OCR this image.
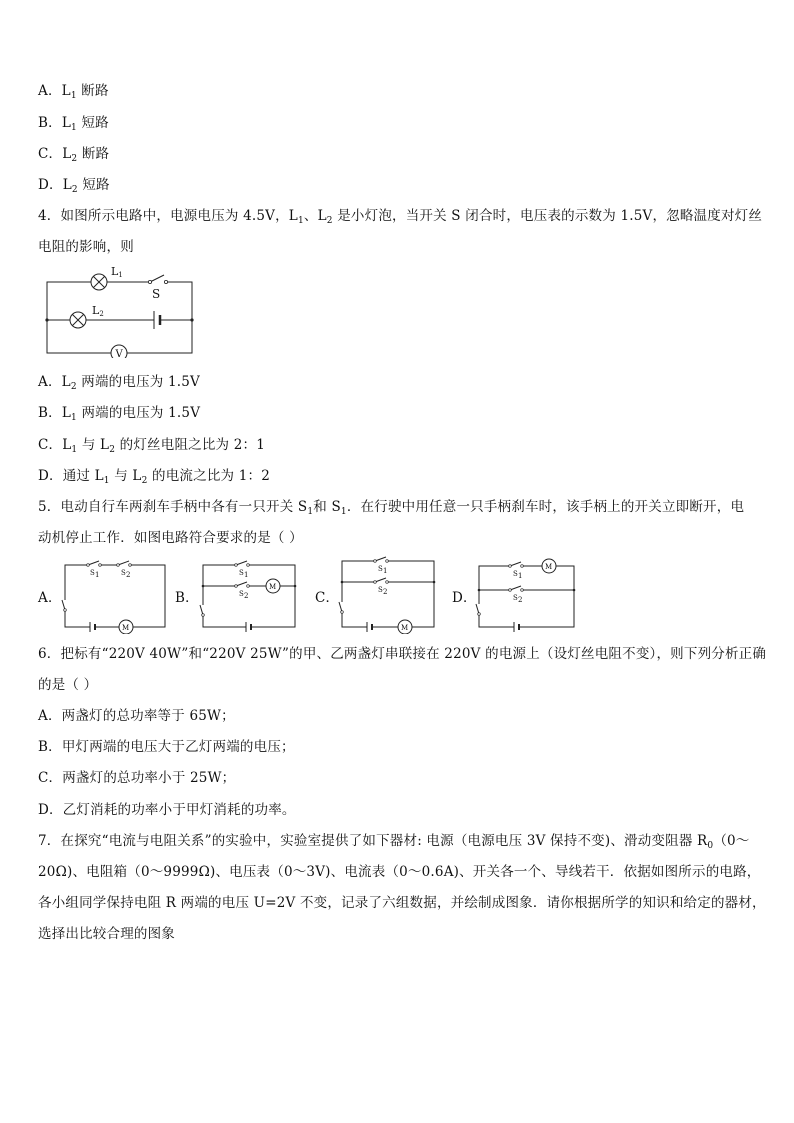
A．$L_1$ 断路
B．$L_1$ 短路
C．$L_2$ 断路
D．$L_2$ 短路
4．如图所示电路中，电源电压为 4.5V，$L_1$、$L_2$ 是小灯泡，当开关 S 闭合时，电压表的示数为 1.5V，忽略温度对灯丝
电阻的影响，则
S
L1
L2
V
A．$L_2$ 两端的电压为 1.5V
B．$L_1$ 两端的电压为 1.5V
C．$L_1$ 与 $L_2$ 的灯丝电阻之比为 2：1
D．通过 $L_1$ 与 $L_2$ 的电流之比为 1：2
5．电动自行车两刹车手柄中各有一只开关 $S_1$和 $S_1$．在行驶中用任意一只手柄刹车时，该手柄上的开关立即断开，电
动机停止工作．如图电路符合要求的是（ ）
A．
S 1	S 2
M
B．
S 1
S 2
M
C．
S 1
S 2
M
D．
S 1
M
S 2
6．把标有“220V 40W”和“220V 25W”的甲、乙两盏灯串联接在 220V 的电源上（设灯丝电阻不变），则下列分析正确
的是（ ）
A．两盏灯的总功率等于 65W；
B．甲灯两端的电压大于乙灯两端的电压；
C．两盏灯的总功率小于 25W；
D．乙灯消耗的功率小于甲灯消耗的功率。
7．在探究“电流与电阻关系”的实验中，实验室提供了如下器材: 电源（电源电压 3V 保持不变)、滑动变阻器 $R_0(0\sim$
20Ω)、电阻箱（0～9999Ω)、电压表（0～3V)、电流表（0～0.6A)、开关各一个、导线若干．依据如图所示的电路，
各小组同学保持电阻 R 两端的电压 U=2V 不变，记录了六组数据，并绘制成图象．请你根据所学的知识和给定的器材，
选择出比较合理的图象
